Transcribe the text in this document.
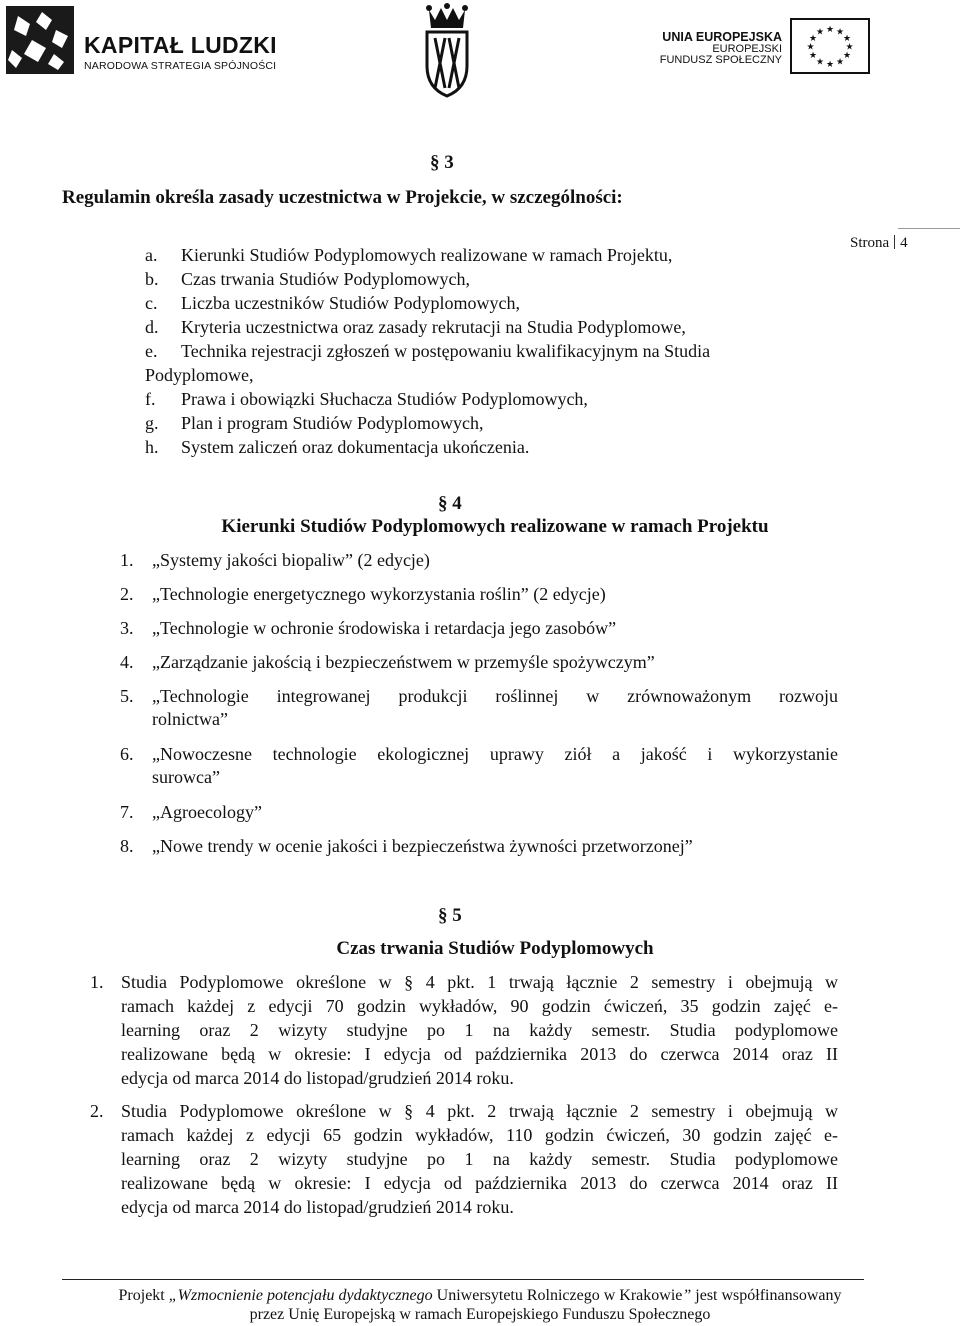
KAPITAŁ LUDZKI
NARODOWA STRATEGIA SPÓJNOŚCI
UNIA EUROPEJSKA
EUROPEJSKI
FUNDUSZ SPOŁECZNY
★ ★
★
★
★
★
★
★
★
★
★
★
Strona 4
§ 3
Regulamin określa zasady uczestnictwa w Projekcie, w szczególności:
a. Kierunki Studiów Podyplomowych realizowane w ramach Projektu,
b. Czas trwania Studiów Podyplomowych,
c. Liczba uczestników Studiów Podyplomowych,
d. Kryteria uczestnictwa oraz zasady rekrutacji na Studia Podyplomowe,
e. Technika rejestracji zgłoszeń w postępowaniu kwalifikacyjnym na Studia
Podyplomowe,
f. Prawa i obowiązki Słuchacza Studiów Podyplomowych,
g. Plan i program Studiów Podyplomowych,
h. System zaliczeń oraz dokumentacja ukończenia.
§ 4
Kierunki Studiów Podyplomowych realizowane w ramach Projektu
1. „Systemy jakości biopaliw” (2 edycje)
2. „Technologie energetycznego wykorzystania roślin” (2 edycje)
3. „Technologie w ochronie środowiska i retardacja jego zasobów”
4. „Zarządzanie jakością i bezpieczeństwem w przemyśle spożywczym”
5. „Technologie integrowanej produkcji roślinnej w zrównoważonym rozwoju
rolnictwa”
6. „Nowoczesne technologie ekologicznej uprawy ziół a jakość i wykorzystanie
surowca”
7. „Agroecology”
8. „Nowe trendy w ocenie jakości i bezpieczeństwa żywności przetworzonej”
§ 5
Czas trwania Studiów Podyplomowych
1. Studia Podyplomowe określone w § 4 pkt. 1 trwają łącznie 2 semestry i obejmują w
ramach każdej z edycji 70 godzin wykładów, 90 godzin ćwiczeń, 35 godzin zajęć e-
learning oraz 2 wizyty studyjne po 1 na każdy semestr. Studia podyplomowe
realizowane będą w okresie: I edycja od października 2013 do czerwca 2014 oraz II
edycja od marca 2014 do listopad/grudzień 2014 roku.
2. Studia Podyplomowe określone w § 4 pkt. 2 trwają łącznie 2 semestry i obejmują w
ramach każdej z edycji 65 godzin wykładów, 110 godzin ćwiczeń, 30 godzin zajęć e-
learning oraz 2 wizyty studyjne po 1 na każdy semestr. Studia podyplomowe
realizowane będą w okresie: I edycja od października 2013 do czerwca 2014 oraz II
edycja od marca 2014 do listopad/grudzień 2014 roku.
Projekt „Wzmocnienie potencjału dydaktycznego Uniwersytetu Rolniczego w Krakowie” jest współfinansowany
przez Unię Europejską w ramach Europejskiego Funduszu Społecznego
